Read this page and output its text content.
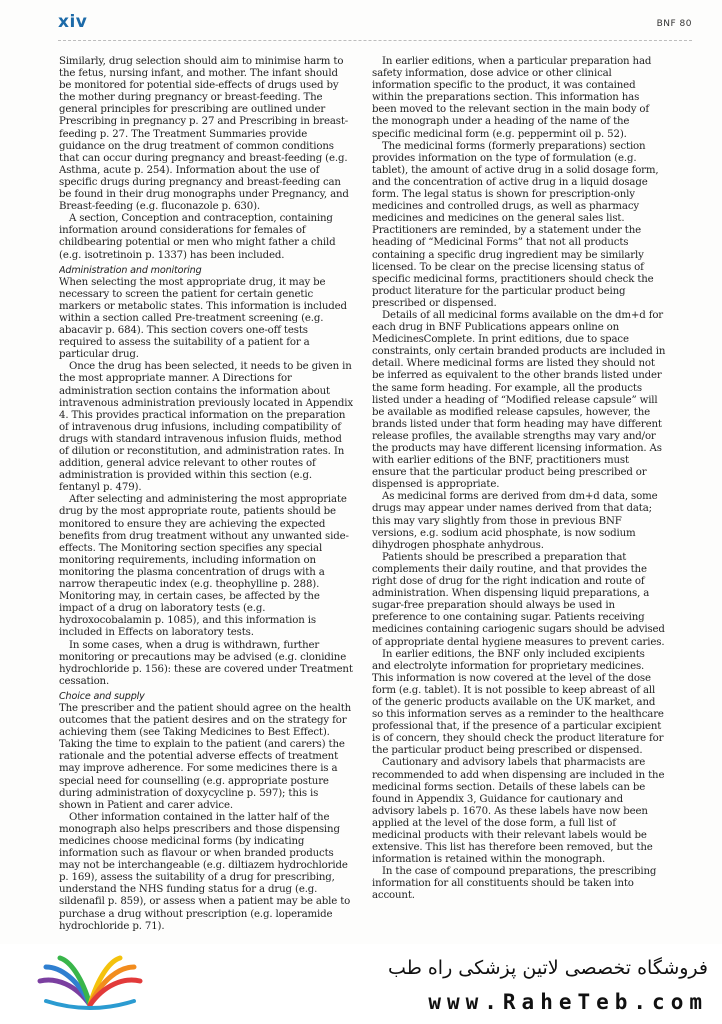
xiv	BNF 80

Similarly, drug selection should aim to minimise harm to the fetus, nursing infant, and mother. The infant should be monitored for potential side-effects of drugs used by the mother during pregnancy or breast-feeding. The general principles for prescribing are outlined under Prescribing in pregnancy p. 27 and Prescribing in breast-feeding p. 27. The Treatment Summaries provide guidance on the drug treatment of common conditions that can occur during pregnancy and breast-feeding (e.g. Asthma, acute p. 254). Information about the use of specific drugs during pregnancy and breast-feeding can be found in their drug monographs under Pregnancy, and Breast-feeding (e.g. fluconazole p. 630).

A section, Conception and contraception, containing information around considerations for females of childbearing potential or men who might father a child (e.g. isotretinoin p. 1337) has been included.

Administration and monitoring

When selecting the most appropriate drug, it may be necessary to screen the patient for certain genetic markers or metabolic states. This information is included within a section called Pre-treatment screening (e.g. abacavir p. 684). This section covers one-off tests required to assess the suitability of a patient for a particular drug.

Once the drug has been selected, it needs to be given in the most appropriate manner. A Directions for administration section contains the information about intravenous administration previously located in Appendix 4. This provides practical information on the preparation of intravenous drug infusions, including compatibility of drugs with standard intravenous infusion fluids, method of dilution or reconstitution, and administration rates. In addition, general advice relevant to other routes of administration is provided within this section (e.g. fentanyl p. 479).

After selecting and administering the most appropriate drug by the most appropriate route, patients should be monitored to ensure they are achieving the expected benefits from drug treatment without any unwanted side-effects. The Monitoring section specifies any special monitoring requirements, including information on monitoring the plasma concentration of drugs with a narrow therapeutic index (e.g. theophylline p. 288). Monitoring may, in certain cases, be affected by the impact of a drug on laboratory tests (e.g. hydroxocobalamin p. 1085), and this information is included in Effects on laboratory tests.

In some cases, when a drug is withdrawn, further monitoring or precautions may be advised (e.g. clonidine hydrochloride p. 156): these are covered under Treatment cessation.

Choice and supply

The prescriber and the patient should agree on the health outcomes that the patient desires and on the strategy for achieving them (see Taking Medicines to Best Effect). Taking the time to explain to the patient (and carers) the rationale and the potential adverse effects of treatment may improve adherence. For some medicines there is a special need for counselling (e.g. appropriate posture during administration of doxycycline p. 597); this is shown in Patient and carer advice.

Other information contained in the latter half of the monograph also helps prescribers and those dispensing medicines choose medicinal forms (by indicating information such as flavour or when branded products may not be interchangeable (e.g. diltiazem hydrochloride p. 169), assess the suitability of a drug for prescribing, understand the NHS funding status for a drug (e.g. sildenafil p. 859), or assess when a patient may be able to purchase a drug without prescription (e.g. loperamide hydrochloride p. 71).

In earlier editions, when a particular preparation had safety information, dose advice or other clinical information specific to the product, it was contained within the preparations section. This information has been moved to the relevant section in the main body of the monograph under a heading of the name of the specific medicinal form (e.g. peppermint oil p. 52).

The medicinal forms (formerly preparations) section provides information on the type of formulation (e.g. tablet), the amount of active drug in a solid dosage form, and the concentration of active drug in a liquid dosage form. The legal status is shown for prescription-only medicines and controlled drugs, as well as pharmacy medicines and medicines on the general sales list. Practitioners are reminded, by a statement under the heading of “Medicinal Forms” that not all products containing a specific drug ingredient may be similarly licensed. To be clear on the precise licensing status of specific medicinal forms, practitioners should check the product literature for the particular product being prescribed or dispensed.

Details of all medicinal forms available on the dm+d for each drug in BNF Publications appears online on MedicinesComplete. In print editions, due to space constraints, only certain branded products are included in detail. Where medicinal forms are listed they should not be inferred as equivalent to the other brands listed under the same form heading. For example, all the products listed under a heading of “Modified release capsule” will be available as modified release capsules, however, the brands listed under that form heading may have different release profiles, the available strengths may vary and/or the products may have different licensing information. As with earlier editions of the BNF, practitioners must ensure that the particular product being prescribed or dispensed is appropriate.

As medicinal forms are derived from dm+d data, some drugs may appear under names derived from that data; this may vary slightly from those in previous BNF versions, e.g. sodium acid phosphate, is now sodium dihydrogen phosphate anhydrous.

Patients should be prescribed a preparation that complements their daily routine, and that provides the right dose of drug for the right indication and route of administration. When dispensing liquid preparations, a sugar-free preparation should always be used in preference to one containing sugar. Patients receiving medicines containing cariogenic sugars should be advised of appropriate dental hygiene measures to prevent caries.

In earlier editions, the BNF only included excipients and electrolyte information for proprietary medicines. This information is now covered at the level of the dose form (e.g. tablet). It is not possible to keep abreast of all of the generic products available on the UK market, and so this information serves as a reminder to the healthcare professional that, if the presence of a particular excipient is of concern, they should check the product literature for the particular product being prescribed or dispensed.

Cautionary and advisory labels that pharmacists are recommended to add when dispensing are included in the medicinal forms section. Details of these labels can be found in Appendix 3, Guidance for cautionary and advisory labels p. 1670. As these labels have now been applied at the level of the dose form, a full list of medicinal products with their relevant labels would be extensive. This list has therefore been removed, but the information is retained within the monograph.

In the case of compound preparations, the prescribing information for all constituents should be taken into account.

فروشگاه تخصصی لاتین پزشکی راه طب
www.RaheTeb.com
